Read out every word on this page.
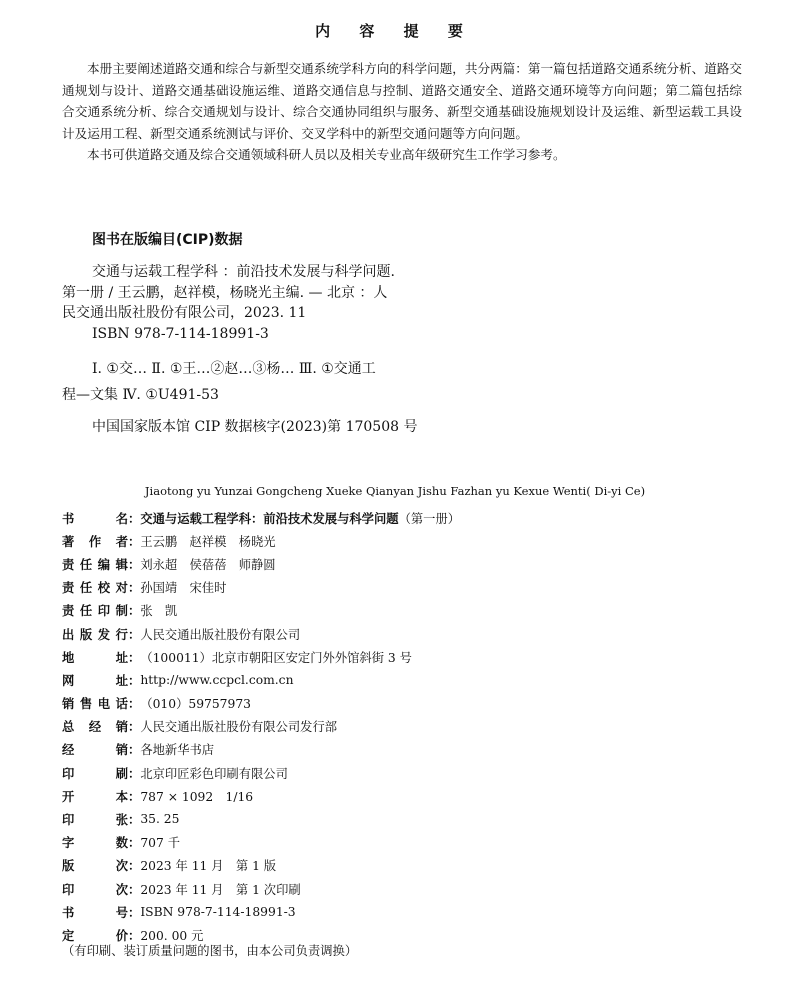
内 容 提 要

本册主要阐述道路交通和综合与新型交通系统学科方向的科学问题，共分两篇：第一篇包括道路交通系统分析、道路交通规划与设计、道路交通基础设施运维、道路交通信息与控制、道路交通安全、道路交通环境等方向问题；第二篇包括综合交通系统分析、综合交通规划与设计、综合交通协同组织与服务、新型交通基础设施规划设计及运维、新型运载工具设计及运用工程、新型交通系统测试与评价、交叉学科中的新型交通问题等方向问题。

本书可供道路交通及综合交通领域科研人员以及相关专业高年级研究生工作学习参考。

图书在版编目(CIP)数据
交通与运载工程学科 ：前沿技术发展与科学问题.
第一册 / 王云鹏，赵祥模，杨晓光主编. — 北京 ：人
民交通出版社股份有限公司，2023. 11
ISBN 978-7-114-18991-3
Ⅰ. ①交… Ⅱ. ①王…②赵…③杨… Ⅲ. ①交通工
程—文集 Ⅳ. ①U491-53
中国国家版本馆 CIP 数据核字(2023)第 170508 号
Jiaotong yu Yunzai Gongcheng Xueke Qianyan Jishu Fazhan yu Kexue Wenti( Di-yi Ce)
书	名 ： 交通与运载工程学科：前沿技术发展与科学问题 （第一册）
著 作 者 ： 王云鹏　赵祥模　杨晓光
责 任 编 辑 ： 刘永超　侯蓓蓓　师静圆
责 任 校 对 ： 孙国靖　宋佳时
责 任 印 制 ： 张　凯
出 版 发 行 ： 人民交通出版社股份有限公司
地	址 ： （100011）北京市朝阳区安定门外外馆斜街 3 号
网	址 ： http://www.ccpcl.com.cn
销 售 电 话 ： （010）59757973
总 经 销 ： 人民交通出版社股份有限公司发行部
经	销 ： 各地新华书店
印	刷 ： 北京印匠彩色印刷有限公司
开	本 ： 787 × 1092　1/16
印	张 ： 35. 25
字	数 ： 707 千
版	次 ： 2023 年 11 月　第 1 版
印	次 ： 2023 年 11 月　第 1 次印刷
书	号 ： ISBN 978-7-114-18991-3
定	价 ： 200. 00 元
（有印刷、装订质量问题的图书，由本公司负责调换）
